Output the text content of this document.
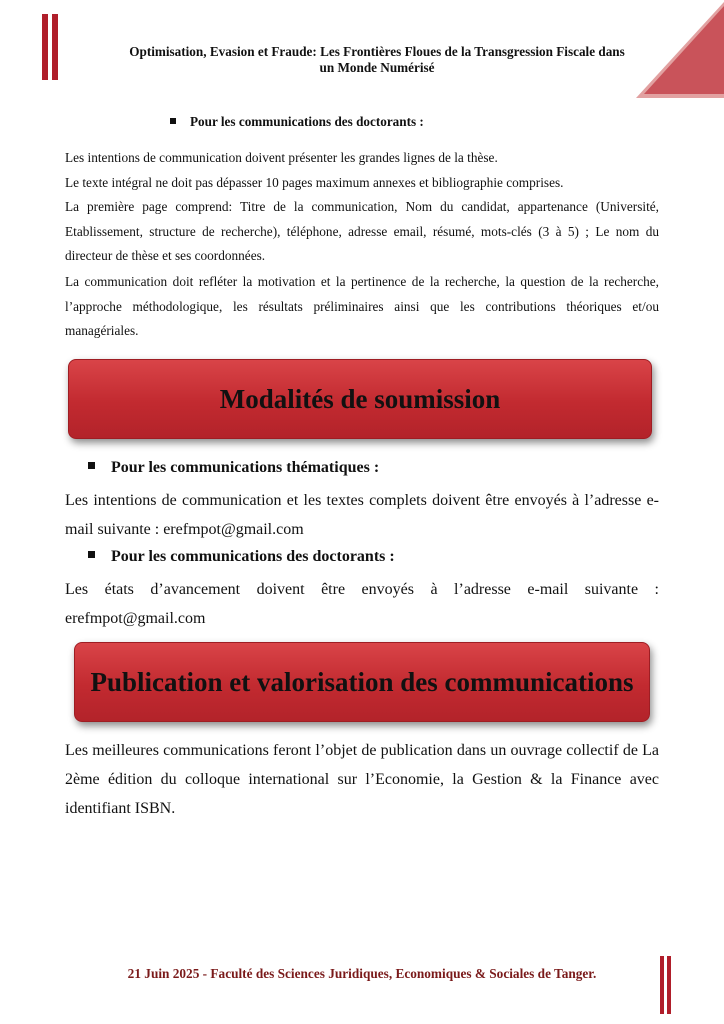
Optimisation, Evasion et Fraude: Les Frontières Floues de la Transgression Fiscale dans
un Monde Numérisé
Pour les communications des doctorants :

Les intentions de communication doivent présenter les grandes lignes de la thèse.

Le texte intégral ne doit pas dépasser 10 pages maximum annexes et bibliographie comprises.

La première page comprend: Titre de la communication, Nom du candidat, appartenance (Université, Etablissement, structure de recherche), téléphone, adresse email, résumé, mots-clés (3 à 5) ; Le nom du directeur de thèse et ses coordonnées.

La communication doit refléter la motivation et la pertinence de la recherche, la question de la recherche, l’approche méthodologique, les résultats préliminaires ainsi que les contributions théoriques et/ou managériales.

Modalités de soumission
Pour les communications thématiques :

Les intentions de communication et les textes complets doivent être envoyés à l’adresse e-mail suivante : erefmpot@gmail.com

Pour les communications des doctorants :

Les états d’avancement doivent être envoyés à l’adresse e-mail suivante : erefmpot@gmail.com

Publication et valorisation des communications

Les meilleures communications feront l’objet de publication dans un ouvrage collectif de La 2ème édition du colloque international sur l’Economie, la Gestion & la Finance avec identifiant ISBN.

21 Juin 2025 - Faculté des Sciences Juridiques, Economiques & Sociales de Tanger.
